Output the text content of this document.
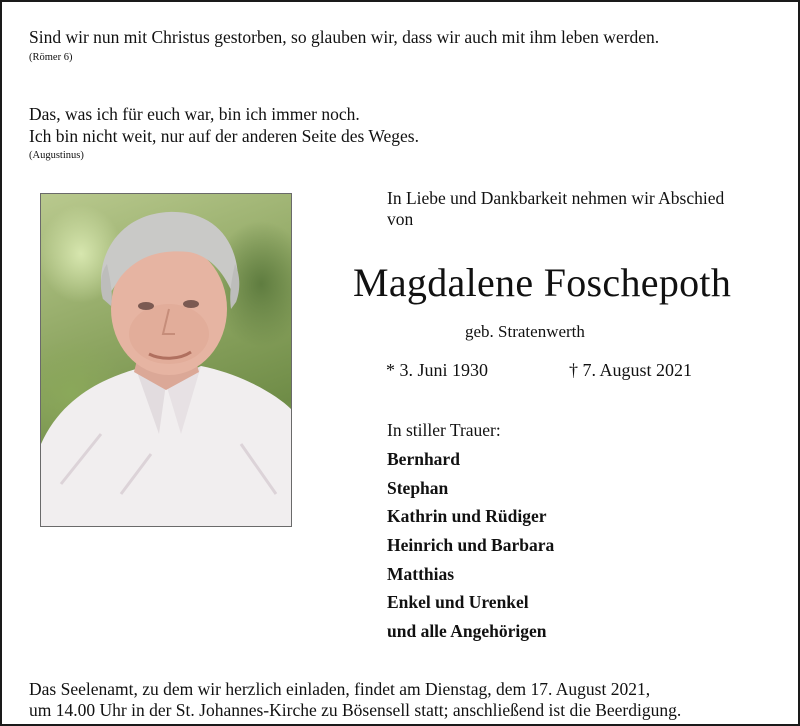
Sind wir nun mit Christus gestorben, so glauben wir, dass wir auch mit ihm leben werden.
(Römer 6)
Das, was ich für euch war, bin ich immer noch.
Ich bin nicht weit, nur auf der anderen Seite des Weges.
(Augustinus)
In Liebe und Dankbarkeit nehmen wir Abschied
von
Magdalene Foschepoth
geb. Stratenwerth
* 3. Juni 1930	† 7. August 2021
In stiller Trauer:
Bernhard
Stephan
Kathrin und Rüdiger
Heinrich und Barbara
Matthias
Enkel und Urenkel
und alle Angehörigen
Das Seelenamt, zu dem wir herzlich einladen, findet am Dienstag, dem 17. August 2021,
um 14.00 Uhr in der St. Johannes-Kirche zu Bösensell statt; anschließend ist die Beerdigung.
